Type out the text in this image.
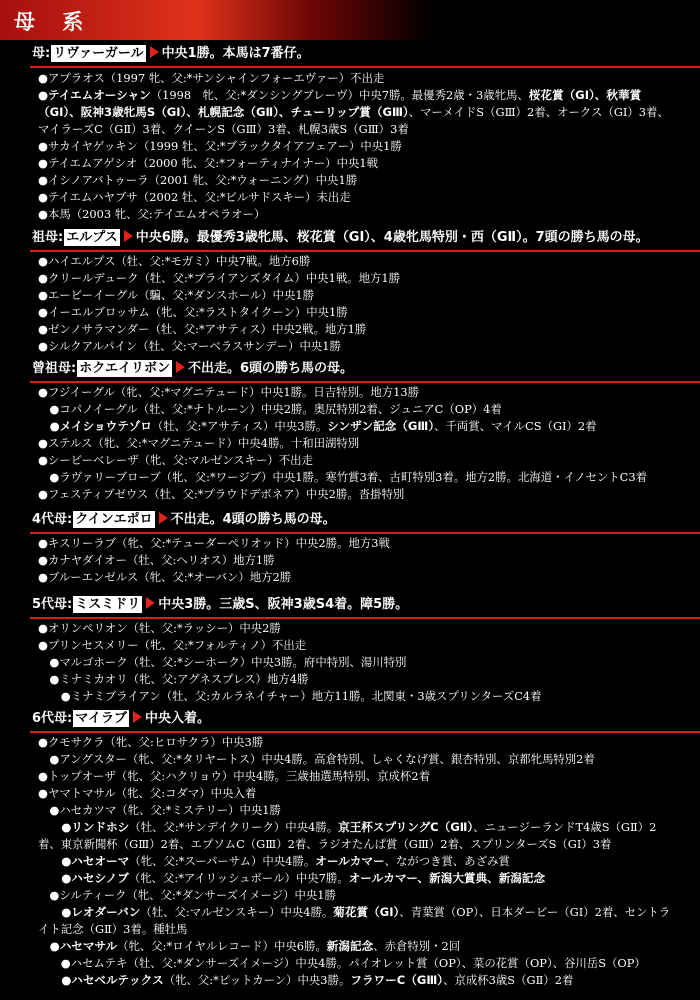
母 系
母: リヴァーガール 中央1勝。本馬は7番仔。
●アプラオス（1997 牝、父:*サンシャインフォーエヴァー）不出走
●テイエムオーシャン（1998　牝、父:*ダンシングブレーヴ）中央7勝。最優秀2歳・3歳牝馬、桜花賞（GⅠ）、秋華賞（GⅠ）、阪神3歳牝馬S（GⅠ）、札幌記念（GⅡ）、チューリップ賞（GⅢ）、マーメイドS（GⅢ）2着、オークス（GⅠ）3着、マイラーズC（GⅡ）3着、クイーンS（GⅢ）3着、札幌3歳S（GⅢ）3着
●サカイヤゲッキン（1999 牡、父:*ブラックタイアフェアー）中央1勝
●テイエムアゲシオ（2000 牝、父:*フォーティナイナー）中央1戦
●イシノアバトゥーラ（2001 牝、父:*ウォーニング）中央1勝
●テイエムハヤブサ（2002 牡、父:*ビルサドスキー）未出走
●本馬（2003 牝、父:テイエムオペラオー）
祖母: エルプス 中央6勝。最優秀3歳牝馬、桜花賞（GI）、4歳牝馬特別・西（GⅡ）。7頭の勝ち馬の母。
●ハイエルプス（牡、父:*モガミ）中央7戦。地方6勝
●クリールデューク（牡、父:*ブライアンズタイム）中央1戦。地方1勝
●エービーイーグル（騙、父:*ダンスホール）中央1勝
●イーエルブロッサム（牝、父:*ラストタイクーン）中央1勝
●ゼンノサラマンダー（牡、父:*アサティス）中央2戦。地方1勝
●シルクアルパイン（牡、父:マーベラスサンデー）中央1勝
曾祖母: ホクエイリボン 不出走。6頭の勝ち馬の母。
●フジイーグル（牝、父:*マグニテュード）中央1勝。日吉特別。地方13勝
　●コパノイーグル（牡、父:*ナトルーン）中央2勝。奥尻特別2着、ジュニアC（OP）4着
　●メイショウテゾロ（牡、父:*アサティス）中央3勝。シンザン記念（GⅢ）、千両賞、マイルCS（GI）2着
●ステルス（牝、父:*マグニテュード）中央4勝。十和田湖特別
●シービーベレーザ（牝、父:マルゼンスキー）不出走
　●ラヴァリーブローブ（牝、父:*ワージブ）中央1勝。寒竹賞3着、古町特別3着。地方2勝。北海道・イノセントC3着
●フェスティブゼウス（牡、父:*プラウドデボネア）中央2勝。沓掛特別
4代母: クインエポロ 不出走。4頭の勝ち馬の母。
●キスリーラブ（牝、父:*テューダーペリオッド）中央2勝。地方3戦
●カナヤダイオー（牡、父:ヘリオス）地方1勝
●ブルーエンゼルス（牝、父:*オーバン）地方2勝
5代母: ミスミドリ 中央3勝。三歳S、阪神3歳S4着。障5勝。
●オリンペリオン（牡、父:*ラッシー）中央2勝
●プリンセスメリー（牝、父:*フォルティノ）不出走
　●マルゴホーク（牡、父:*シーホーク）中央3勝。府中特別、湯川特別
　●ミナミカオリ（牝、父:アグネスプレス）地方4勝
　　●ミナミブライアン（牡、父:カルラネイチャー）地方11勝。北関東・3歳スプリンターズC4着
6代母: マイラブ 中央入着。
●クモサクラ（牝、父:ヒロサクラ）中央3勝
　●アングスター（牝、父:*タリヤートス）中央4勝。高倉特別、しゃくなげ賞、銀杏特別、京都牝馬特別2着
●トップオーザ（牝、父:ハクリョウ）中央4勝。三歳抽選馬特別、京成杯2着
●ヤマトマサル（牝、父:コダマ）中央入着
　●ハセカツマ（牝、父:*ミステリー）中央1勝
　　●リンドホシ（牡、父:*サンデイクリーク）中央4勝。京王杯スプリングC（GⅡ）、ニュージーランドT4歳S（GⅡ）2着、東京新聞杯（GⅢ）2着、エプソムC（GⅢ）2着、ラジオたんぱ賞（GⅢ）2着、スプリンターズS（GI）3着
　　●ハセオーマ（牝、父:*スーパーサム）中央4勝。オールカマー、ながつき賞、あざみ賞
　　●ハセシノブ（牝、父:*アイリッシュボール）中央7勝。オールカマー、新潟大賞典、新潟記念
　●シルティーク（牝、父:*ダンサーズイメージ）中央1勝
　　●レオダーバン（牡、父:マルゼンスキー）中央4勝。菊花賞（GI）、青葉賞（OP）、日本ダービー（GI）2着、セントライト記念（GⅡ）3着。種牡馬
　●ハセマサル（牝、父:*ロイヤルレコード）中央6勝。新潟記念、赤倉特別・2回
　　●ハセムテキ（牡、父:*ダンサーズイメージ）中央4勝。パイオレット賞（OP）、菜の花賞（OP）、谷川岳S（OP）
　　●ハセベルテックス（牝、父:*ビットカーン）中央3勝。フラワーC（GⅢ）、京成杯3歳S（GⅡ）2着
